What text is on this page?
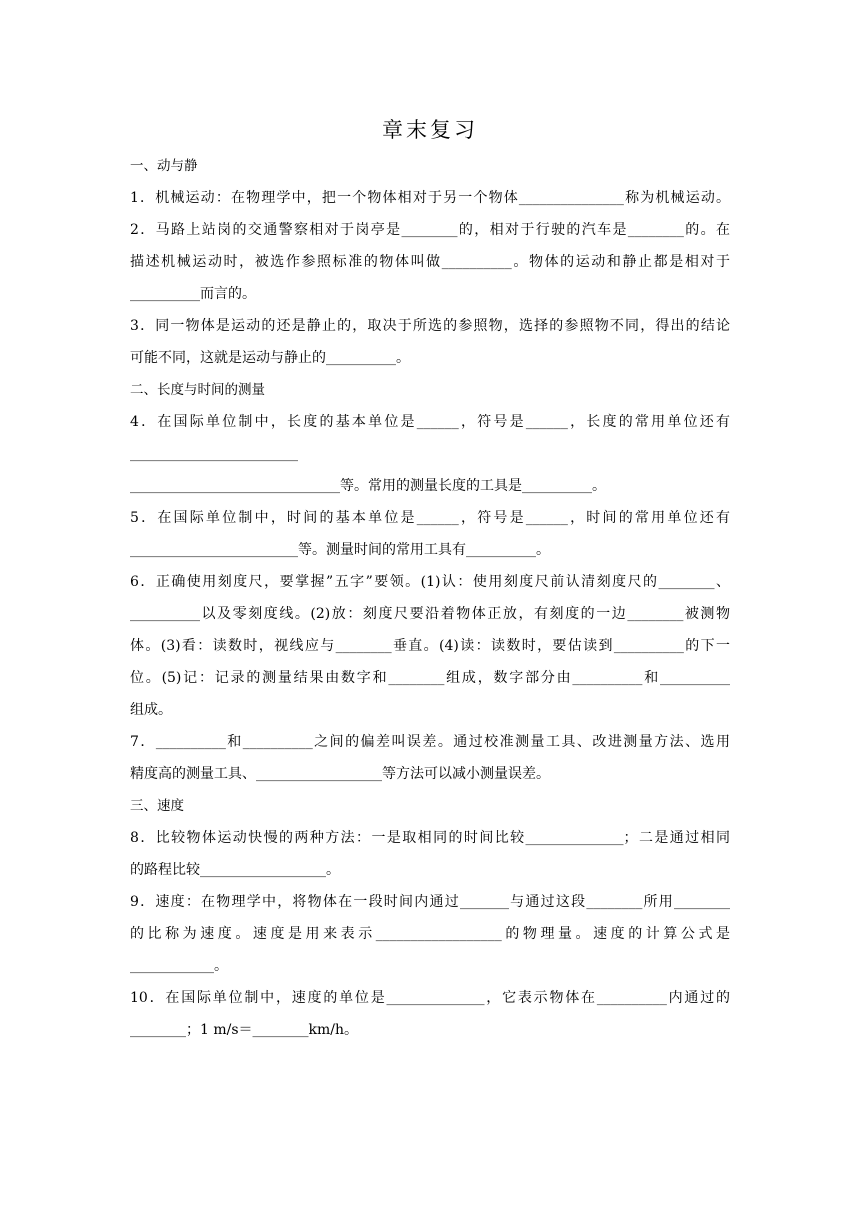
章末复习
一、动与静
1．机械运动：在物理学中，把一个物体相对于另一个物体_______________称为机械运动。
2．马路上站岗的交通警察相对于岗亭是________的，相对于行驶的汽车是________的。在
描述机械运动时，被选作参照标准的物体叫做__________。物体的运动和静止都是相对于
__________而言的。
3．同一物体是运动的还是静止的，取决于所选的参照物，选择的参照物不同，得出的结论
可能不同，这就是运动与静止的__________。
二、长度与时间的测量
4．在国际单位制中，长度的基本单位是______，符号是______，长度的常用单位还有
________________________
______________________________等。常用的测量长度的工具是__________。
5．在国际单位制中，时间的基本单位是______，符号是______，时间的常用单位还有
________________________等。测量时间的常用工具有__________。
6．正确使用刻度尺，要掌握”五字”要领。(1)认：使用刻度尺前认清刻度尺的________、
__________以及零刻度线。(2)放：刻度尺要沿着物体正放，有刻度的一边________被测物
体。(3)看：读数时，视线应与________垂直。(4)读：读数时，要估读到__________的下一
位。(5)记：记录的测量结果由数字和________组成，数字部分由__________和__________
组成。
7．__________和__________之间的偏差叫误差。通过校准测量工具、改进测量方法、选用
精度高的测量工具、__________________等方法可以减小测量误差。
三、速度
8．比较物体运动快慢的两种方法：一是取相同的时间比较______________；二是通过相同
的路程比较__________________。
9．速度：在物理学中，将物体在一段时间内通过_______与通过这段________所用________
的比称为速度。速度是用来表示__________________的物理量。速度的计算公式是
____________。
10．在国际单位制中，速度的单位是______________，它表示物体在__________内通过的
________；1 m/s＝________km/h。
